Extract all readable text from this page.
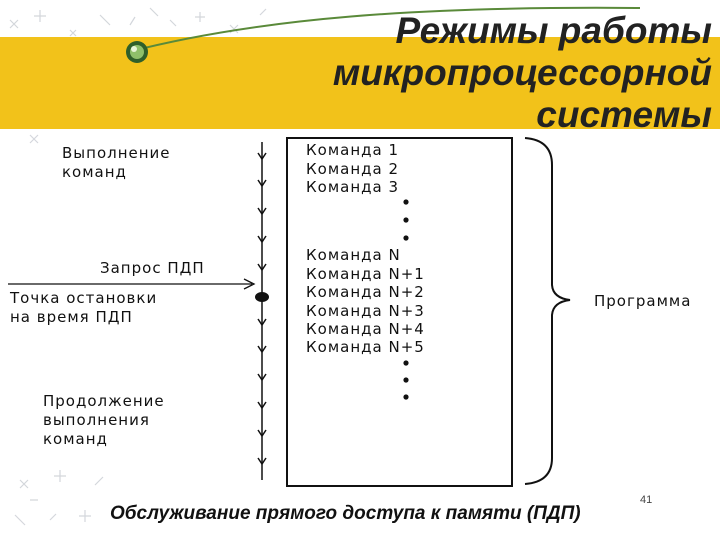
Режимы работы
микропроцессорной
системы
Выполнение
команд
Запрос ПДП
Точка остановки
на время ПДП
Продолжение
выполнения
команд
Команда 1
Команда 2
Команда 3
Команда N
Команда N+1
Команда N+2
Команда N+3
Команда N+4
Команда N+5
Программа
41
Обслуживание прямого доступа к памяти (ПДП)
